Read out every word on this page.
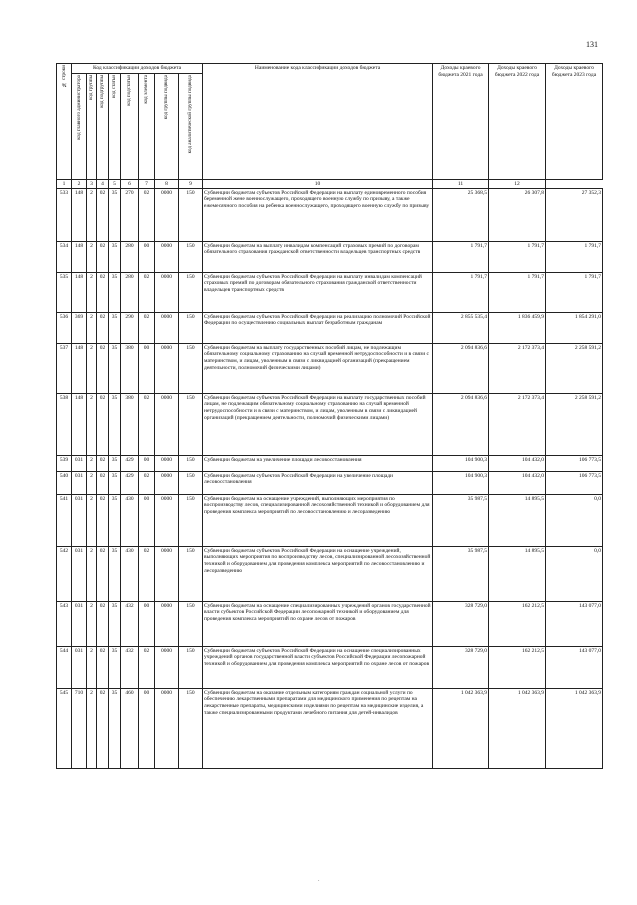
131
№ строки	Код классификации доходов бюджета								Наименование кода классификации доходов бюджета	Доходы краевого бюджета 2021 года	Доходы краевого бюджета 2022 года	Доходы краевого бюджета 2023 года
	код главного администратора	код группы	код подгруппы	код статьи	код подстатьи	код элемента	код группы подвида	код аналитической группы подвида				
1	2	3	4	5	6	7	8	9	10	11	12	
533	148	2	02	35	270	02	0000	150	Субвенции бюджетам субъектов Российской Федерации на выплату единовременного пособия беременной жене военнослужащего, проходящего военную службу по призыву, а также ежемесячного пособия на ребенка военнослужащего, проходящего военную службу по призыву	25 368,5	26 307,8	27 352,3
534	148	2	02	35	280	00	0000	150	Субвенции бюджетам на выплату инвалидам компенсаций страховых премий по договорам обязательного страхования гражданской ответственности владельцев транспортных средств	1 791,7	1 791,7	1 791,7
535	148	2	02	35	280	02	0000	150	Субвенции бюджетам субъектов Российской Федерации на выплату инвалидам компенсаций страховых премий по договорам обязательного страхования гражданской ответственности владельцев транспортных средств	1 791,7	1 791,7	1 791,7
536	369	2	02	35	290	02	0000	150	Субвенции бюджетам субъектов Российской Федерации на реализацию полномочий Российской Федерации по осуществлению социальных выплат безработным гражданам	2 855 535,4	1 836 459,9	1 854 291,0
537	148	2	02	35	380	00	0000	150	Субвенции бюджетам на выплату государственных пособий лицам, не подлежащим обязательному социальному страхованию на случай временной нетрудоспособности и в связи с материнством, и лицам, уволенным в связи с ликвидацией организаций (прекращением деятельности, полномочий физическими лицами)	2 094 836,6	2 172 373,4	2 258 591,2
538	148	2	02	35	380	02	0000	150	Субвенции бюджетам субъектов Российской Федерации на выплату государственных пособий лицам, не подлежащим обязательному социальному страхованию на случай временной нетрудоспособности и в связи с материнством, и лицам, уволенным в связи с ликвидацией организаций (прекращением деятельности, полномочий физическими лицами)	2 094 836,6	2 172 373,4	2 258 591,2
539	031	2	02	35	429	00	0000	150	Субвенции бюджетам на увеличение площади лесовосстановления	104 900,3	104 432,0	106 773,5
540	031	2	02	35	429	02	0000	150	Субвенции бюджетам субъектов Российской Федерации на увеличение площади лесовосстановления	104 900,3	104 432,0	106 773,5
541	031	2	02	35	430	00	0000	150	Субвенции бюджетам на оснащение учреждений, выполняющих мероприятия по воспроизводству лесов, специализированной лесохозяйственной техникой и оборудованием для проведения комплекса мероприятий по лесовосстановлению и лесоразведению	35 987,5	14 895,5	0,0
542	031	2	02	35	430	02	0000	150	Субвенции бюджетам субъектов Российской Федерации на оснащение учреждений, выполняющих мероприятия по воспроизводству лесов, специализированной лесохозяйственной техникой и оборудованием для проведения комплекса мероприятий по лесовосстановлению и лесоразведению	35 987,5	14 895,5	0,0
543	031	2	02	35	432	00	0000	150	Субвенции бюджетам на оснащение специализированных учреждений органов государственной власти субъектов Российской Федерации лесопожарной техникой и оборудованием для проведения комплекса мероприятий по охране лесов от пожаров	328 729,0	162 212,5	143 077,0
544	031	2	02	35	432	02	0000	150	Субвенции бюджетам субъектов Российской Федерации на оснащение специализированных учреждений органов государственной власти субъектов Российской Федерации лесопожарной техникой и оборудованием для проведения комплекса мероприятий по охране лесов от пожаров	328 729,0	162 212,5	143 077,0
545	710	2	02	35	460	00	0000	150	Субвенции бюджетам на оказание отдельным категориям граждан социальной услуги по обеспечению лекарственными препаратами для медицинского применения по рецептам на лекарственные препараты, медицинскими изделиями по рецептам на медицинские изделия, а также специализированными продуктами лечебного питания для детей-инвалидов	1 042 363,9	1 042 363,9	1 042 363,9
.
